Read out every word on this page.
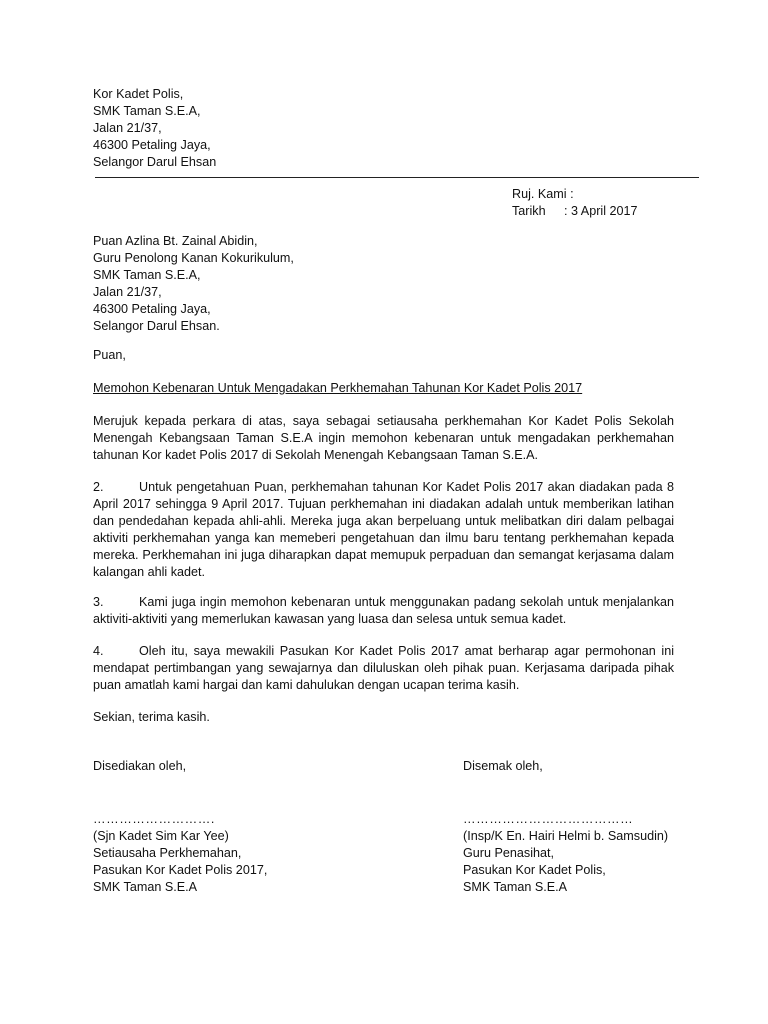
Kor Kadet Polis,
SMK Taman S.E.A,
Jalan 21/37,
46300 Petaling Jaya,
Selangor Darul Ehsan
Ruj. Kami :
Tarikh : 3 April 2017
Puan Azlina Bt. Zainal Abidin,
Guru Penolong Kanan Kokurikulum,
SMK Taman S.E.A,
Jalan 21/37,
46300 Petaling Jaya,
Selangor Darul Ehsan.
Puan,
Memohon Kebenaran Untuk Mengadakan Perkhemahan Tahunan Kor Kadet Polis 2017
Merujuk kepada perkara di atas, saya sebagai setiausaha perkhemahan Kor Kadet Polis Sekolah Menengah Kebangsaan Taman S.E.A ingin memohon kebenaran untuk mengadakan perkhemahan tahunan Kor kadet Polis 2017 di Sekolah Menengah Kebangsaan Taman S.E.A.
2.	Untuk pengetahuan Puan, perkhemahan tahunan Kor Kadet Polis 2017 akan diadakan pada 8 April 2017 sehingga 9 April 2017. Tujuan perkhemahan ini diadakan adalah untuk memberikan latihan dan pendedahan kepada ahli-ahli. Mereka juga akan berpeluang untuk melibatkan diri dalam pelbagai aktiviti perkhemahan yanga kan memeberi pengetahuan dan ilmu baru tentang perkhemahan kepada mereka. Perkhemahan ini juga diharapkan dapat memupuk perpaduan dan semangat kerjasama dalam kalangan ahli kadet.
3.	Kami juga ingin memohon kebenaran untuk menggunakan padang sekolah untuk menjalankan aktiviti-aktiviti yang memerlukan kawasan yang luasa dan selesa untuk semua kadet.
4.	Oleh itu, saya mewakili Pasukan Kor Kadet Polis 2017 amat berharap agar permohonan ini mendapat pertimbangan yang sewajarnya dan diluluskan oleh pihak puan. Kerjasama daripada pihak puan amatlah kami hargai dan kami dahulukan dengan ucapan terima kasih.
Sekian, terima kasih.
Disediakan oleh,
……………………….
(Sjn Kadet Sim Kar Yee)
Setiausaha Perkhemahan,
Pasukan Kor Kadet Polis 2017,
SMK Taman S.E.A
Disemak oleh,
…………………………………
(Insp/K En. Hairi Helmi b. Samsudin)
Guru Penasihat,
Pasukan Kor Kadet Polis,
SMK Taman S.E.A
